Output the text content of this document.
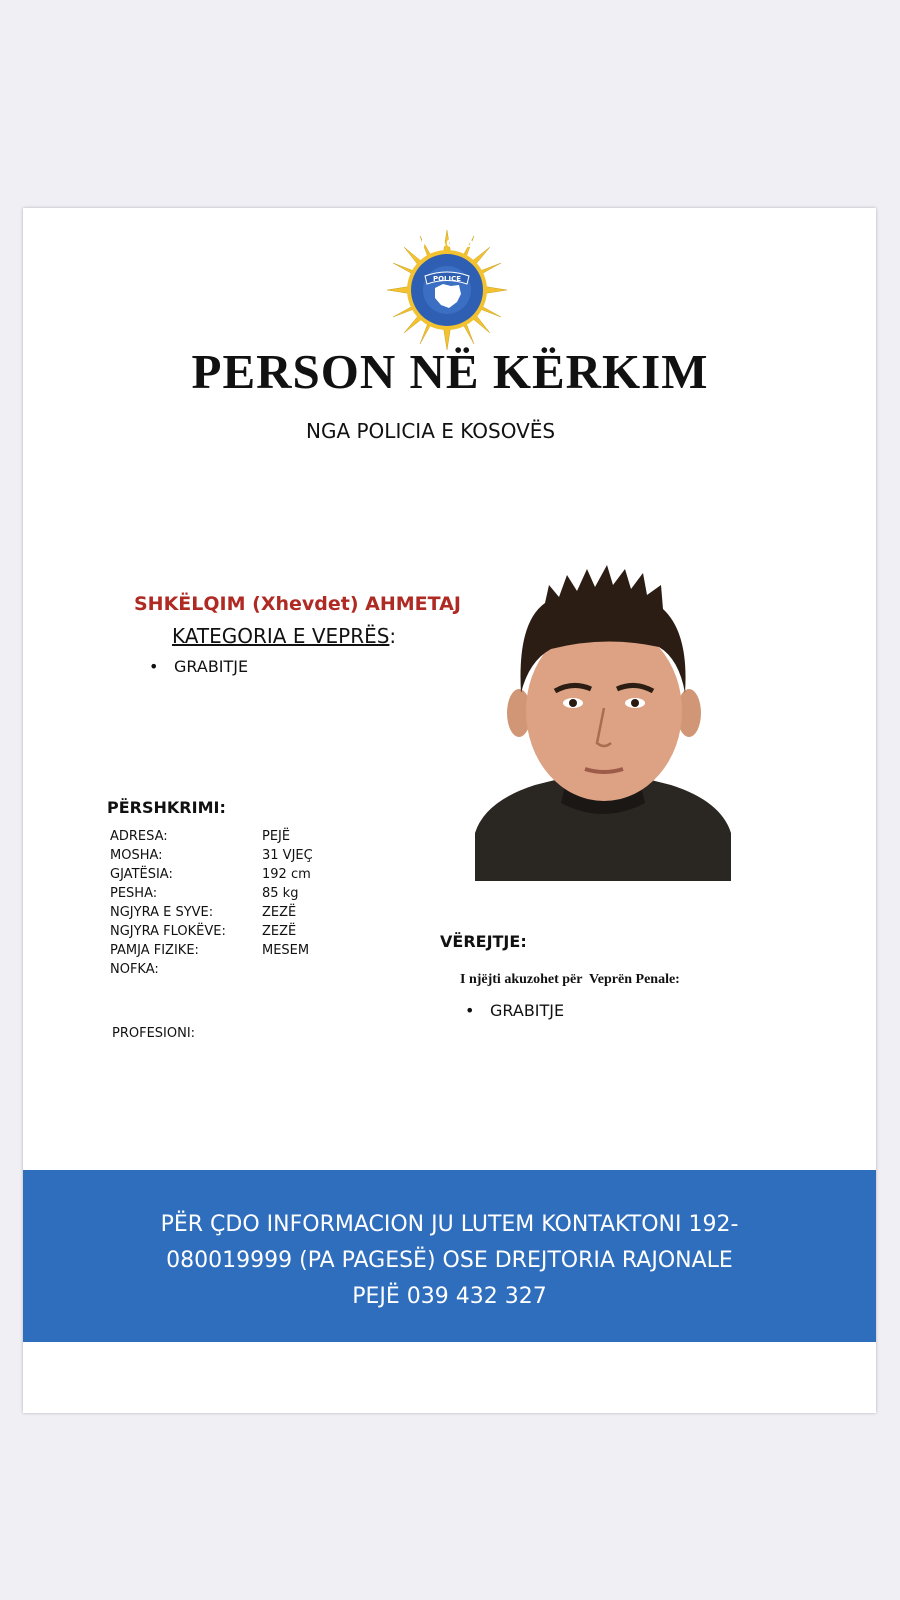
KOSOVO
POLICE
PERSON NË KËRKIM
NGA POLICIA E KOSOVËS
SHKËLQIM (Xhevdet) AHMETAJ
KATEGORIA E VEPRËS:
• GRABITJE
PËRSHKRIMI:
ADRESA:	PEJË
MOSHA:	31 VJEÇ
GJATËSIA:	192 cm
PESHA:	85 kg
NGJYRA E SYVE:	ZEZË
NGJYRA FLOKËVE:	ZEZË
PAMJA FIZIKE:	MESEM
NOFKA:	
PROFESIONI:
VËREJTJE:
I njëjti akuzohet për  Veprën Penale:
• GRABITJE
PËR ÇDO INFORMACION JU LUTEM KONTAKTONI 192-
080019999 (PA PAGESË) OSE DREJTORIA RAJONALE
PEJË 039 432 327
